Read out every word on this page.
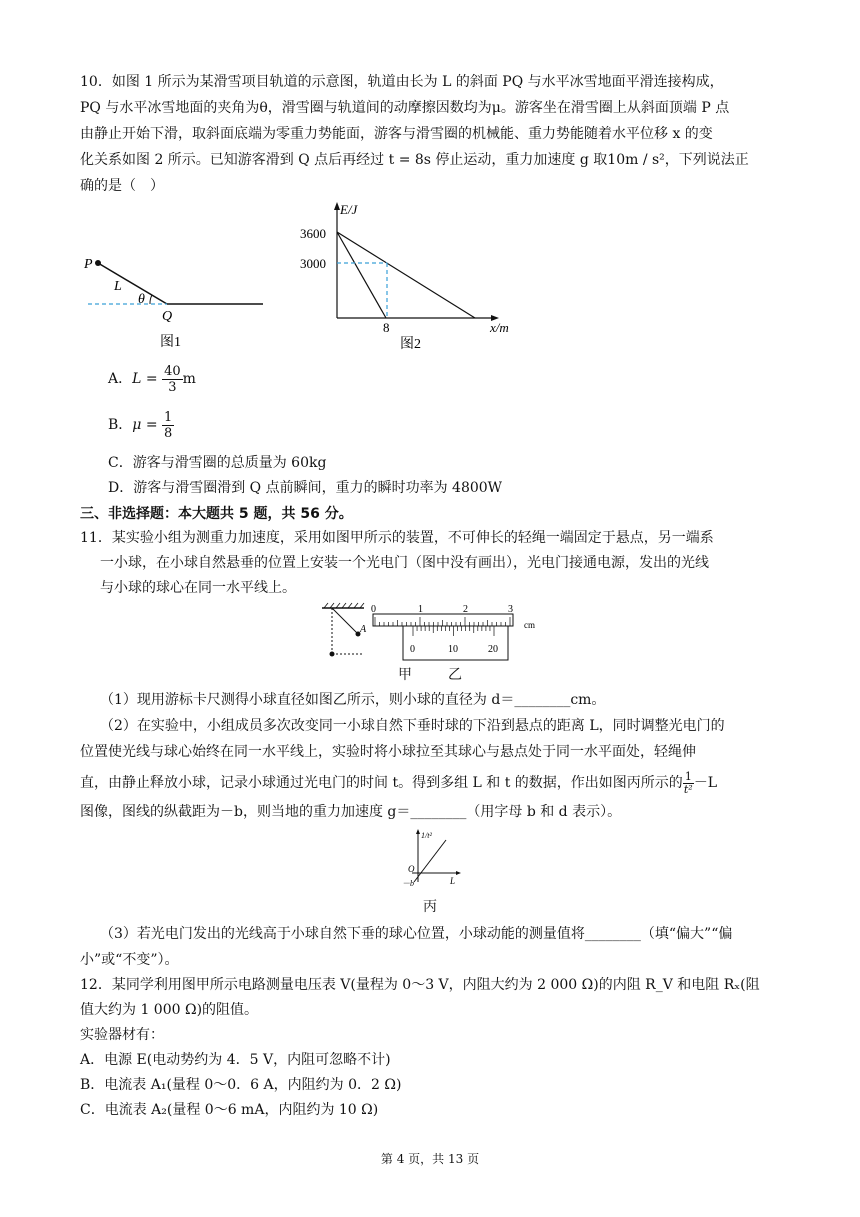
10．如图 1 所示为某滑雪项目轨道的示意图，轨道由长为 L 的斜面 PQ 与水平冰雪地面平滑连接构成，
PQ 与水平冰雪地面的夹角为θ，滑雪圈与轨道间的动摩擦因数均为μ。游客坐在滑雪圈上从斜面顶端 P 点
由静止开始下滑，取斜面底端为零重力势能面，游客与滑雪圈的机械能、重力势能随着水平位移 x 的变
化关系如图 2 所示。已知游客滑到 Q 点后再经过 t = 8s 停止运动，重力加速度 g 取10m / s²，下列说法正
确的是（　）
P
L
θ
Q
图1
E/J
3600
3000
8	x/m
图2
A．$L = \frac{40}{3}$ m
B．$\mu = \frac{1}{8}$
C．游客与滑雪圈的总质量为 60kg
D．游客与滑雪圈滑到 Q 点前瞬间，重力的瞬时功率为 4800W
三、非选择题：本大题共 5 题，共 56 分。
11．某实验小组为测重力加速度，采用如图甲所示的装置，不可伸长的轻绳一端固定于悬点，另一端系
一小球，在小球自然悬垂的位置上安装一个光电门（图中没有画出），光电门接通电源，发出的光线
与小球的球心在同一水平线上。
A
0	1	2	3
cm
0	10	20
甲	乙
（1）现用游标卡尺测得小球直径如图乙所示，则小球的直径为 d＝________cm。
（2）在实验中，小组成员多次改变同一小球自然下垂时球的下沿到悬点的距离 L，同时调整光电门的
位置使光线与球心始终在同一水平线上，实验时将小球拉至其球心与悬点处于同一水平面处，轻绳伸
直，由静止释放小球，记录小球通过光电门的时间 t。得到多组 L 和 t 的数据，作出如图丙所示的 $\frac{1}{\text{t²}} -L$
图像，图线的纵截距为－b，则当地的重力加速度 g＝________（用字母 b 和 d 表示）。
1/t²
O
－b	L
丙
（3）若光电门发出的光线高于小球自然下垂的球心位置，小球动能的测量值将________（填“偏大”“偏
小”或“不变”）。
12．某同学利用图甲所示电路测量电压表 V(量程为 0～3 V，内阻大约为 2 000 Ω)的内阻 R_V 和电阻 Rₓ(阻
值大约为 1 000 Ω)的阻值。
实验器材有：
A．电源 E(电动势约为 4．5 V，内阻可忽略不计)
B．电流表 A₁(量程 0～0．6 A，内阻约为 0．2 Ω)
C．电流表 A₂(量程 0～6 mA，内阻约为 10 Ω)
第 4 页，共 13 页
